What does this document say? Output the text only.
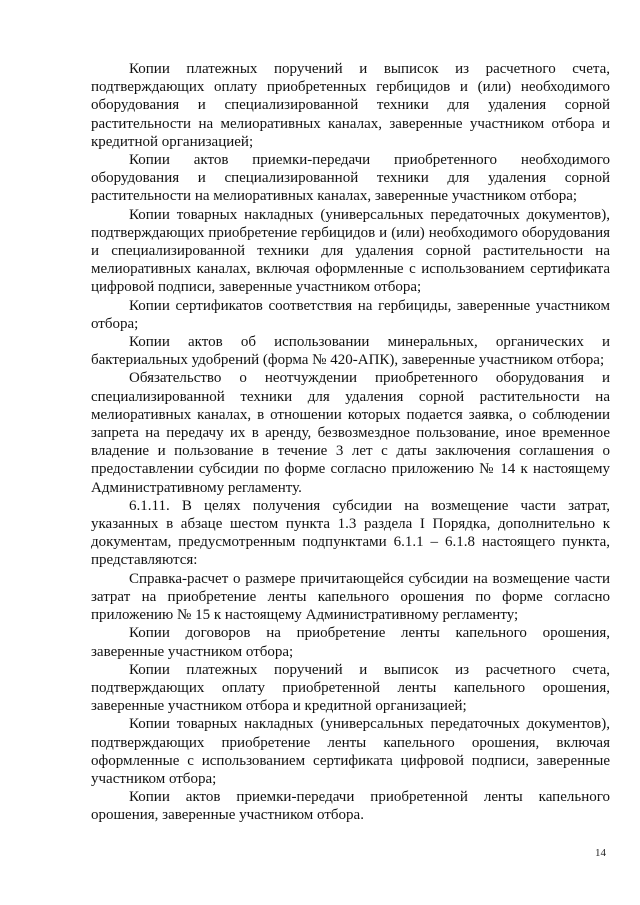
Копии платежных поручений и выписок из расчетного счета, подтверждающих оплату приобретенных гербицидов и (или) необходимого оборудования и специализированной техники для удаления сорной растительности на мелиоративных каналах, заверенные участником отбора и кредитной организацией;

Копии актов приемки-передачи приобретенного необходимого оборудования и специализированной техники для удаления сорной растительности на мелиоративных каналах, заверенные участником отбора;

Копии товарных накладных (универсальных передаточных документов), подтверждающих приобретение гербицидов и (или) необходимого оборудования и специализированной техники для удаления сорной растительности на мелиоративных каналах, включая оформленные с использованием сертификата цифровой подписи, заверенные участником отбора;

Копии сертификатов соответствия на гербициды, заверенные участником отбора;

Копии актов об использовании минеральных, органических и бактериальных удобрений (форма № 420-АПК), заверенные участником отбора;

Обязательство о неотчуждении приобретенного оборудования и специализированной техники для удаления сорной растительности на мелиоративных каналах, в отношении которых подается заявка, о соблюдении запрета на передачу их в аренду, безвозмездное пользование, иное временное владение и пользование в течение 3 лет с даты заключения соглашения о предоставлении субсидии по форме согласно приложению № 14 к настоящему Административному регламенту.

6.1.11. В целях получения субсидии на возмещение части затрат, указанных в абзаце шестом пункта 1.3 раздела I Порядка, дополнительно к документам, предусмотренным подпунктами 6.1.1 – 6.1.8 настоящего пункта, представляются:

Справка-расчет о размере причитающейся субсидии на возмещение части затрат на приобретение ленты капельного орошения по форме согласно приложению № 15 к настоящему Административному регламенту;

Копии договоров на приобретение ленты капельного орошения, заверенные участником отбора;

Копии платежных поручений и выписок из расчетного счета, подтверждающих оплату приобретенной ленты капельного орошения, заверенные участником отбора и кредитной организацией;

Копии товарных накладных (универсальных передаточных документов), подтверждающих приобретение ленты капельного орошения, включая оформленные с использованием сертификата цифровой подписи, заверенные участником отбора;

Копии актов приемки-передачи приобретенной ленты капельного орошения, заверенные участником отбора.

14
